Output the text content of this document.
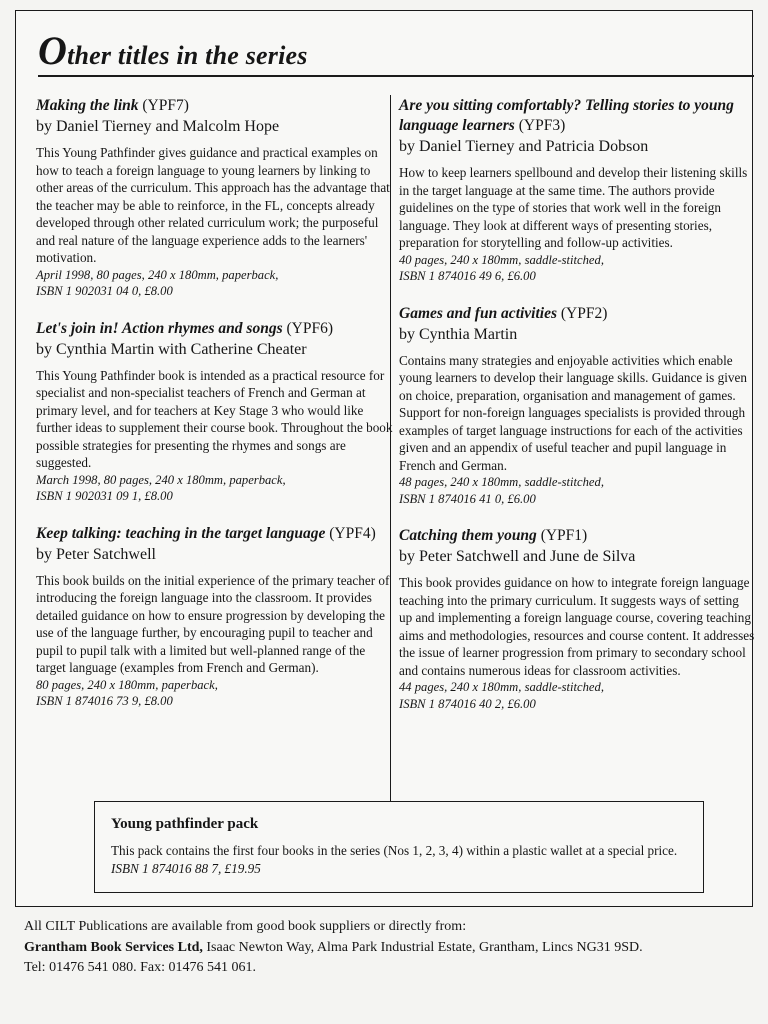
Other titles in the series
Making the link (YPF7)
by Daniel Tierney and Malcolm Hope
This Young Pathfinder gives guidance and practical examples on how to teach a foreign language to young learners by linking to other areas of the curriculum. This approach has the advantage that the teacher may be able to reinforce, in the FL, concepts already developed through other related curriculum work; the purposeful and real nature of the language experience adds to the learners' motivation.
April 1998, 80 pages, 240 x 180mm, paperback,
ISBN 1 902031 04 0, £8.00
Let's join in! Action rhymes and songs (YPF6)
by Cynthia Martin with Catherine Cheater
This Young Pathfinder book is intended as a practical resource for specialist and non-specialist teachers of French and German at primary level, and for teachers at Key Stage 3 who would like further ideas to supplement their course book. Throughout the book possible strategies for presenting the rhymes and songs are suggested.
March 1998, 80 pages, 240 x 180mm, paperback,
ISBN 1 902031 09 1, £8.00
Keep talking: teaching in the target language (YPF4)
by Peter Satchwell
This book builds on the initial experience of the primary teacher of introducing the foreign language into the classroom. It provides detailed guidance on how to ensure progression by developing the use of the language further, by encouraging pupil to teacher and pupil to pupil talk with a limited but well-planned range of the target language (examples from French and German).
80 pages, 240 x 180mm, paperback,
ISBN 1 874016 73 9, £8.00
Are you sitting comfortably? Telling stories to young language learners (YPF3)
by Daniel Tierney and Patricia Dobson
How to keep learners spellbound and develop their listening skills in the target language at the same time. The authors provide guidelines on the type of stories that work well in the foreign language. They look at different ways of presenting stories, preparation for storytelling and follow-up activities.
40 pages, 240 x 180mm, saddle-stitched,
ISBN 1 874016 49 6, £6.00
Games and fun activities (YPF2)
by Cynthia Martin
Contains many strategies and enjoyable activities which enable young learners to develop their language skills. Guidance is given on choice, preparation, organisation and management of games. Support for non-foreign languages specialists is provided through examples of target language instructions for each of the activities given and an appendix of useful teacher and pupil language in French and German.
48 pages, 240 x 180mm, saddle-stitched,
ISBN 1 874016 41 0, £6.00
Catching them young (YPF1)
by Peter Satchwell and June de Silva
This book provides guidance on how to integrate foreign language teaching into the primary curriculum. It suggests ways of setting up and implementing a foreign language course, covering teaching aims and methodologies, resources and course content. It addresses the issue of learner progression from primary to secondary school and contains numerous ideas for classroom activities.
44 pages, 240 x 180mm, saddle-stitched,
ISBN 1 874016 40 2, £6.00
Young pathfinder pack
This pack contains the first four books in the series (Nos 1, 2, 3, 4) within a plastic wallet at a special price. ISBN 1 874016 88 7, £19.95
All CILT Publications are available from good book suppliers or directly from:
Grantham Book Services Ltd, Isaac Newton Way, Alma Park Industrial Estate, Grantham, Lincs NG31 9SD.
Tel: 01476 541 080. Fax: 01476 541 061.
